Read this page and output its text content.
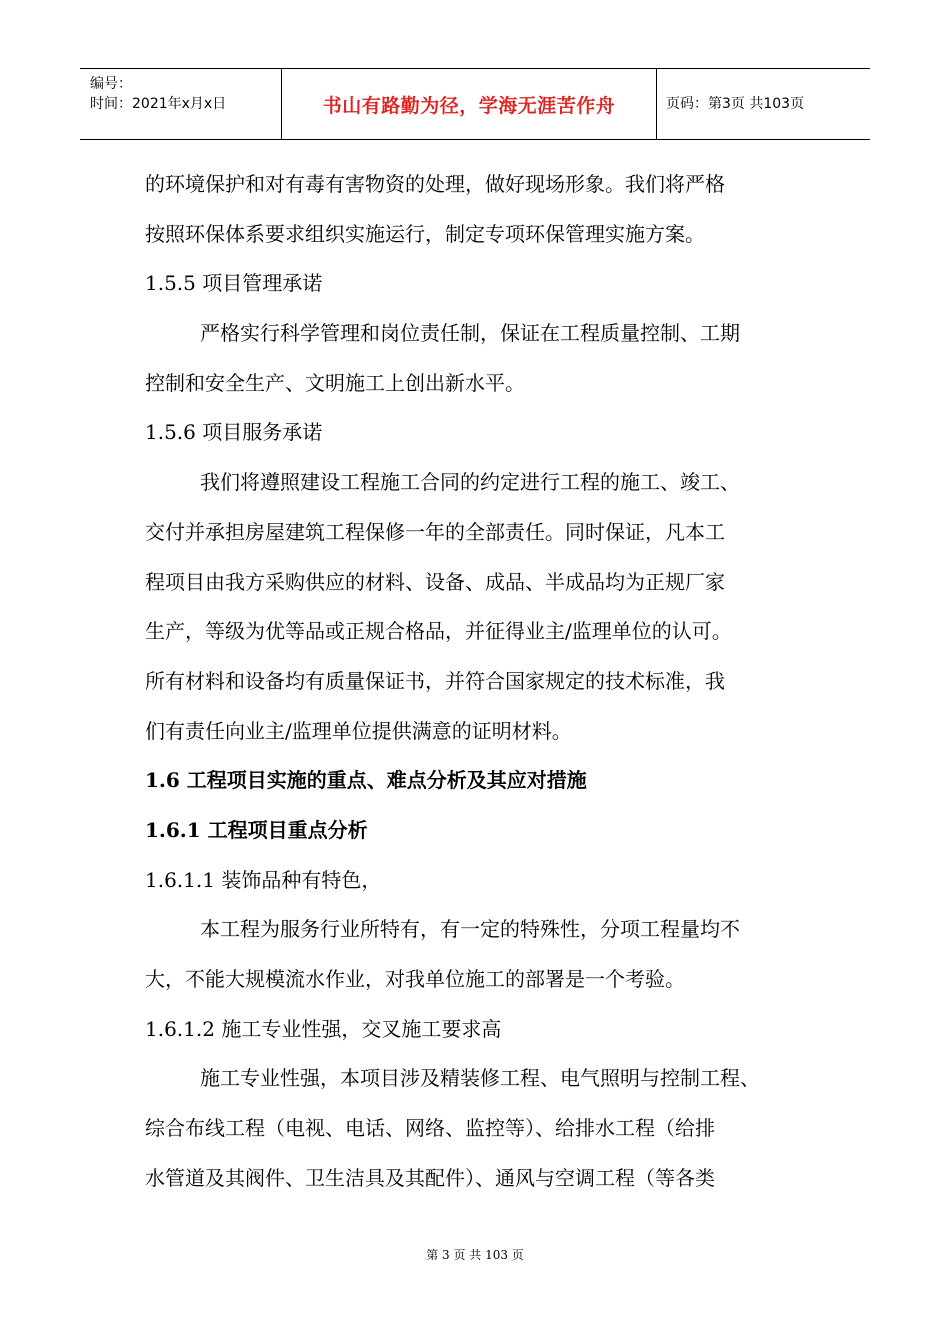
编号：
时间：2021年x月x日	书山有路勤为径，学海无涯苦作舟	页码：第3页 共103页

的环境保护和对有毒有害物资的处理，做好现场形象。我们将严格

按照环保体系要求组织实施运行，制定专项环保管理实施方案。

1.5.5 项目管理承诺

严格实行科学管理和岗位责任制，保证在工程质量控制、工期

控制和安全生产、文明施工上创出新水平。

1.5.6 项目服务承诺

我们将遵照建设工程施工合同的约定进行工程的施工、竣工、

交付并承担房屋建筑工程保修一年的全部责任。同时保证，凡本工

程项目由我方采购供应的材料、设备、成品、半成品均为正规厂家

生产，等级为优等品或正规合格品，并征得业主/监理单位的认可。

所有材料和设备均有质量保证书，并符合国家规定的技术标准，我

们有责任向业主/监理单位提供满意的证明材料。

1.6 工程项目实施的重点、难点分析及其应对措施

1.6.1 工程项目重点分析

1.6.1.1 装饰品种有特色，

本工程为服务行业所特有，有一定的特殊性，分项工程量均不

大，不能大规模流水作业，对我单位施工的部署是一个考验。

1.6.1.2 施工专业性强，交叉施工要求高

施工专业性强，本项目涉及精装修工程、电气照明与控制工程、

综合布线工程（电视、电话、网络、监控等）、给排水工程（给排

水管道及其阀件、卫生洁具及其配件）、通风与空调工程（等各类

第 3 页 共 103 页
